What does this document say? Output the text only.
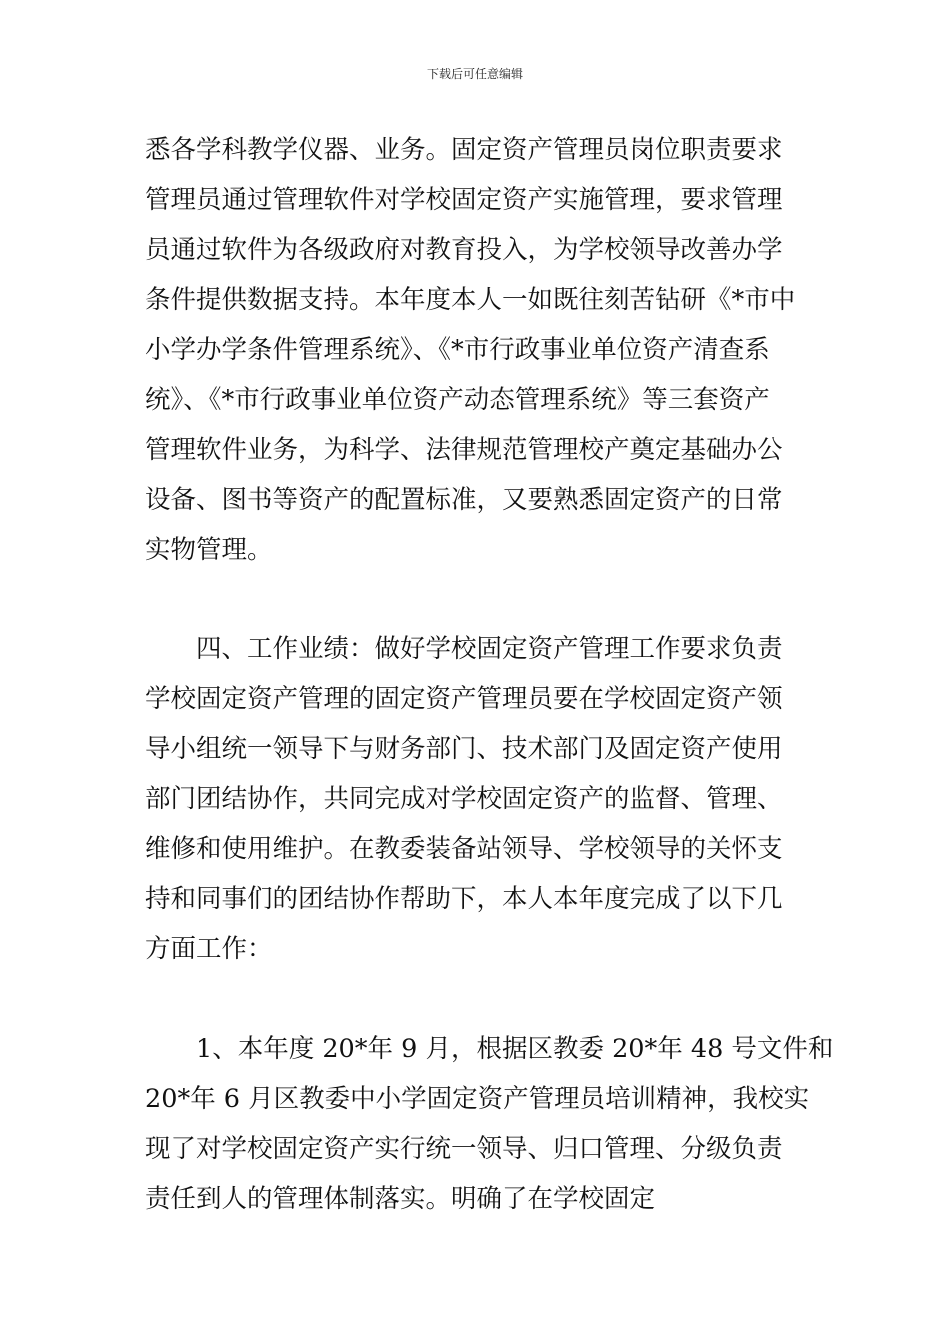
下载后可任意编辑
悉各学科教学仪器、业务。固定资产管理员岗位职责要求
管理员通过管理软件对学校固定资产实施管理，要求管理
员通过软件为各级政府对教育投入，为学校领导改善办学
条件提供数据支持。本年度本人一如既往刻苦钻研《*市中
小学办学条件管理系统》、《*市行政事业单位资产清查系
统》、《*市行政事业单位资产动态管理系统》等三套资产
管理软件业务，为科学、法律规范管理校产奠定基础办公
设备、图书等资产的配置标准，又要熟悉固定资产的日常
实物管理。
四、工作业绩：做好学校固定资产管理工作要求负责
学校固定资产管理的固定资产管理员要在学校固定资产领
导小组统一领导下与财务部门、技术部门及固定资产使用
部门团结协作，共同完成对学校固定资产的监督、管理、
维修和使用维护。在教委装备站领导、学校领导的关怀支
持和同事们的团结协作帮助下，本人本年度完成了以下几
方面工作：
1、本年度 20*年 9 月，根据区教委 20*年 48 号文件和
20*年 6 月区教委中小学固定资产管理员培训精神，我校实
现了对学校固定资产实行统一领导、归口管理、分级负责
责任到人的管理体制落实。明确了在学校固定
